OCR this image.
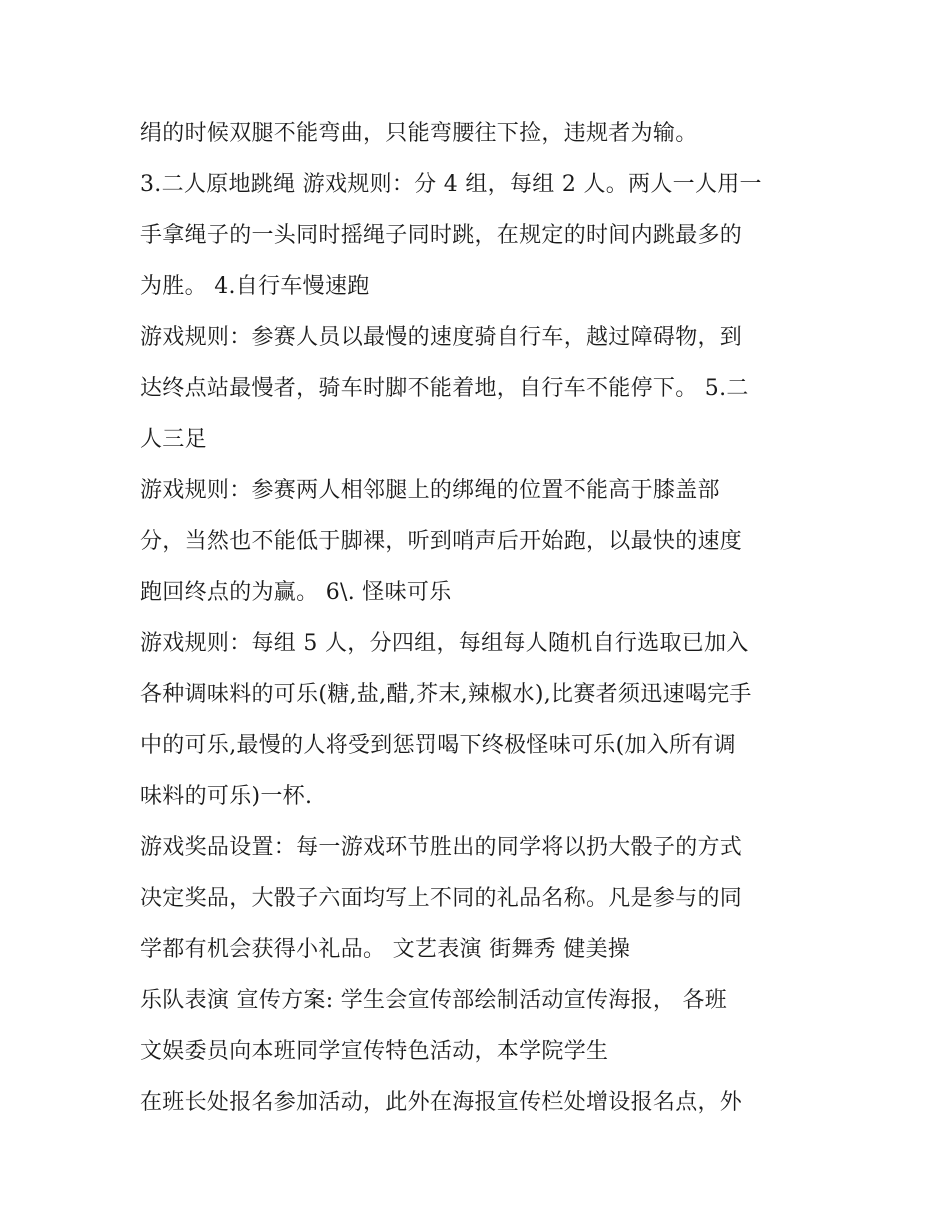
绢的时候双腿不能弯曲，只能弯腰往下捡，违规者为输。
3.二人原地跳绳 游戏规则：分 4 组，每组 2 人。两人一人用一
手拿绳子的一头同时摇绳子同时跳，在规定的时间内跳最多的
为胜。 4.自行车慢速跑
游戏规则：参赛人员以最慢的速度骑自行车，越过障碍物，到
达终点站最慢者，骑车时脚不能着地，自行车不能停下。 5.二
人三足
游戏规则：参赛两人相邻腿上的绑绳的位置不能高于膝盖部
分，当然也不能低于脚裸，听到哨声后开始跑，以最快的速度
跑回终点的为赢。 6\. 怪味可乐
游戏规则：每组 5 人，分四组，每组每人随机自行选取已加入
各种调味料的可乐(糖,盐,醋,芥末,辣椒水),比赛者须迅速喝完手
中的可乐,最慢的人将受到惩罚喝下终极怪味可乐(加入所有调
味料的可乐)一杯.
游戏奖品设置：每一游戏环节胜出的同学将以扔大骰子的方式
决定奖品，大骰子六面均写上不同的礼品名称。凡是参与的同
学都有机会获得小礼品。 文艺表演 街舞秀 健美操
乐队表演 宣传方案: 学生会宣传部绘制活动宣传海报， 各班
文娱委员向本班同学宣传特色活动，本学院学生
在班长处报名参加活动，此外在海报宣传栏处增设报名点，外
